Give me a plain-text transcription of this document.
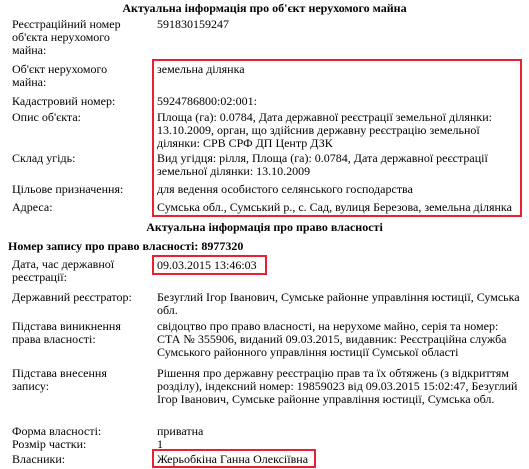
Актуальна інформація про об'єкт нерухомого майна
Реєстраційний номер об'єкта нерухомого майна:
591830159247
Об'єкт нерухомого майна:
земельна ділянка
Кадастровий номер:	5924786800:02:001:
Опис об'єкта:	Площа (га): 0.0784, Дата державної реєстрації земельної ділянки: 13.10.2009, орган, що здійснив державну реєстрацію земельної ділянки: СРВ СРФ ДП Центр ДЗК
Склад угідь:	Вид угідця: рілля, Площа (га): 0.0784, Дата державної реєстрації земельної ділянки: 13.10.2009
Цільове призначення:	для ведення особистого селянського господарства
Адреса:	Сумська обл., Сумський р., с. Сад, вулиця Березова, земельна ділянка
Актуальна інформація про право власності
Номер запису про право власності: 8977320
Дата, час державної реєстрації:
09.03.2015 13:46:03
Державний реєстратор:	Безуглий Ігор Іванович, Сумське районне управління юстиції, Сумська обл.
Підстава виникнення права власності:
свідоцтво про право власності, на нерухоме майно, серія та номер: СТА № 355906, виданий 09.03.2015, видавник: Реєстраційна служба Сумського районного управління юстиції Сумської області
Підстава внесення запису:
Рішення про державну реєстрацію прав та їх обтяжень (з відкриттям розділу), індексний номер: 19859023 від 09.03.2015 15:02:47, Безуглий Ігор Іванович, Сумське районне управління юстиції, Сумська обл.
Форма власності:	приватна
Розмір частки:	1
Власники:	Жерьобкіна Ганна Олексіївна
